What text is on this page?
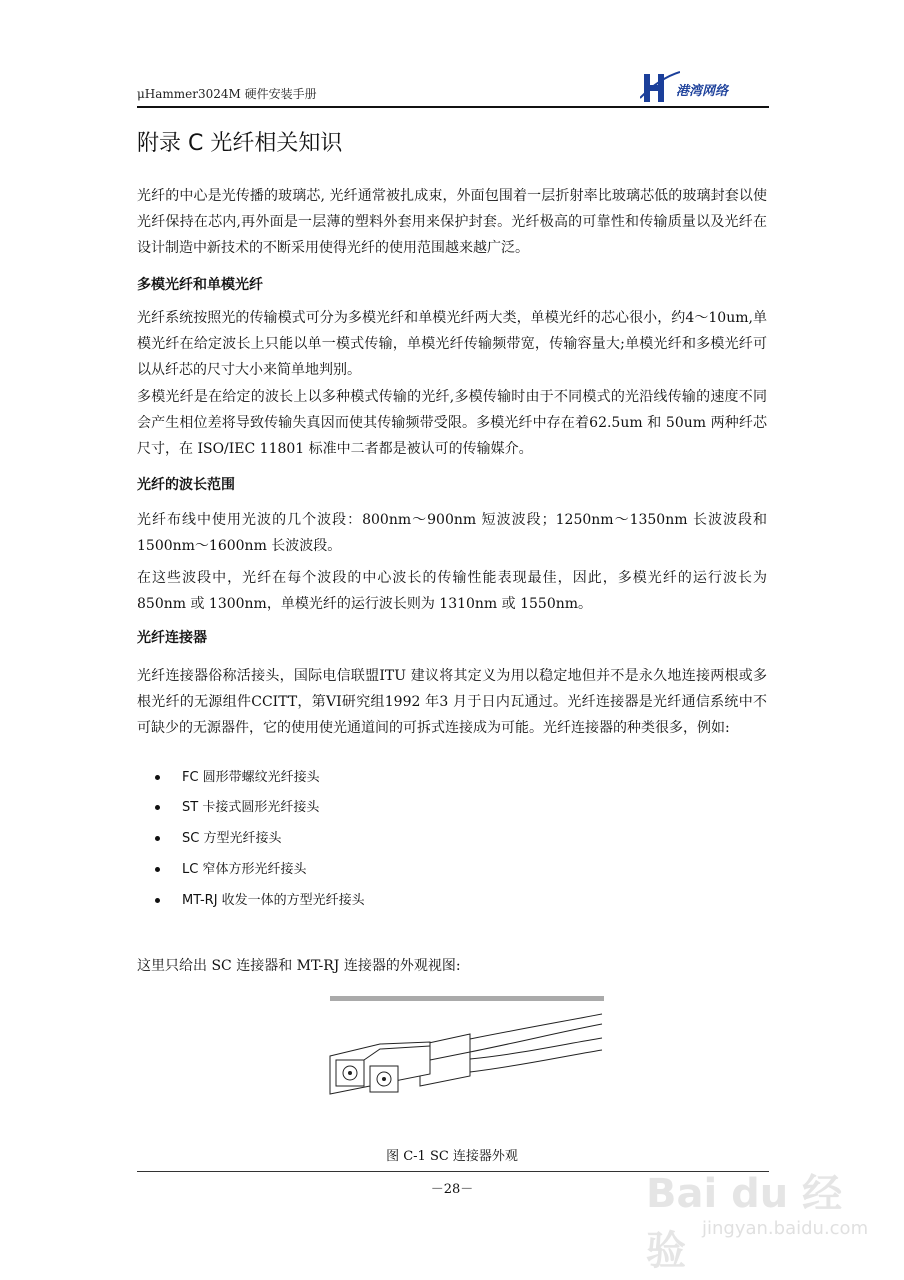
μHammer3024M 硬件安装手册	港湾网络
附录 C 光纤相关知识

光纤的中心是光传播的玻璃芯, 光纤通常被扎成束，外面包围着一层折射率比玻璃芯低的玻璃封套以使光纤保持在芯内,再外面是一层薄的塑料外套用来保护封套。光纤极高的可靠性和传输质量以及光纤在设计制造中新技术的不断采用使得光纤的使用范围越来越广泛。

多模光纤和单模光纤

光纤系统按照光的传输模式可分为多模光纤和单模光纤两大类，单模光纤的芯心很小，约4～10um,单模光纤在给定波长上只能以单一模式传输，单模光纤传输频带宽，传输容量大;单模光纤和多模光纤可以从纤芯的尺寸大小来简单地判别。

多模光纤是在给定的波长上以多种模式传输的光纤,多模传输时由于不同模式的光沿线传输的速度不同会产生相位差将导致传输失真因而使其传输频带受限。多模光纤中存在着62.5um 和 50um 两种纤芯尺寸，在 ISO/IEC 11801 标准中二者都是被认可的传输媒介。

光纤的波长范围

光纤布线中使用光波的几个波段：800nm～900nm 短波波段；1250nm～1350nm 长波波段和1500nm～1600nm 长波波段。

在这些波段中，光纤在每个波段的中心波长的传输性能表现最佳，因此，多模光纤的运行波长为 850nm 或 1300nm，单模光纤的运行波长则为 1310nm 或 1550nm。

光纤连接器

光纤连接器俗称活接头，国际电信联盟ITU 建议将其定义为用以稳定地但并不是永久地连接两根或多根光纤的无源组件CCITT，第VI研究组1992 年3 月于日内瓦通过。光纤连接器是光纤通信系统中不可缺少的无源器件，它的使用使光通道间的可拆式连接成为可能。光纤连接器的种类很多，例如:

FC 圆形带螺纹光纤接头
ST 卡接式圆形光纤接头
SC 方型光纤接头
LC 窄体方形光纤接头
MT-RJ 收发一体的方型光纤接头

这里只给出 SC 连接器和 MT-RJ 连接器的外观视图:

图 C-1 SC 连接器外观
－28－	Bai du 经验 jingyan.baidu.com
